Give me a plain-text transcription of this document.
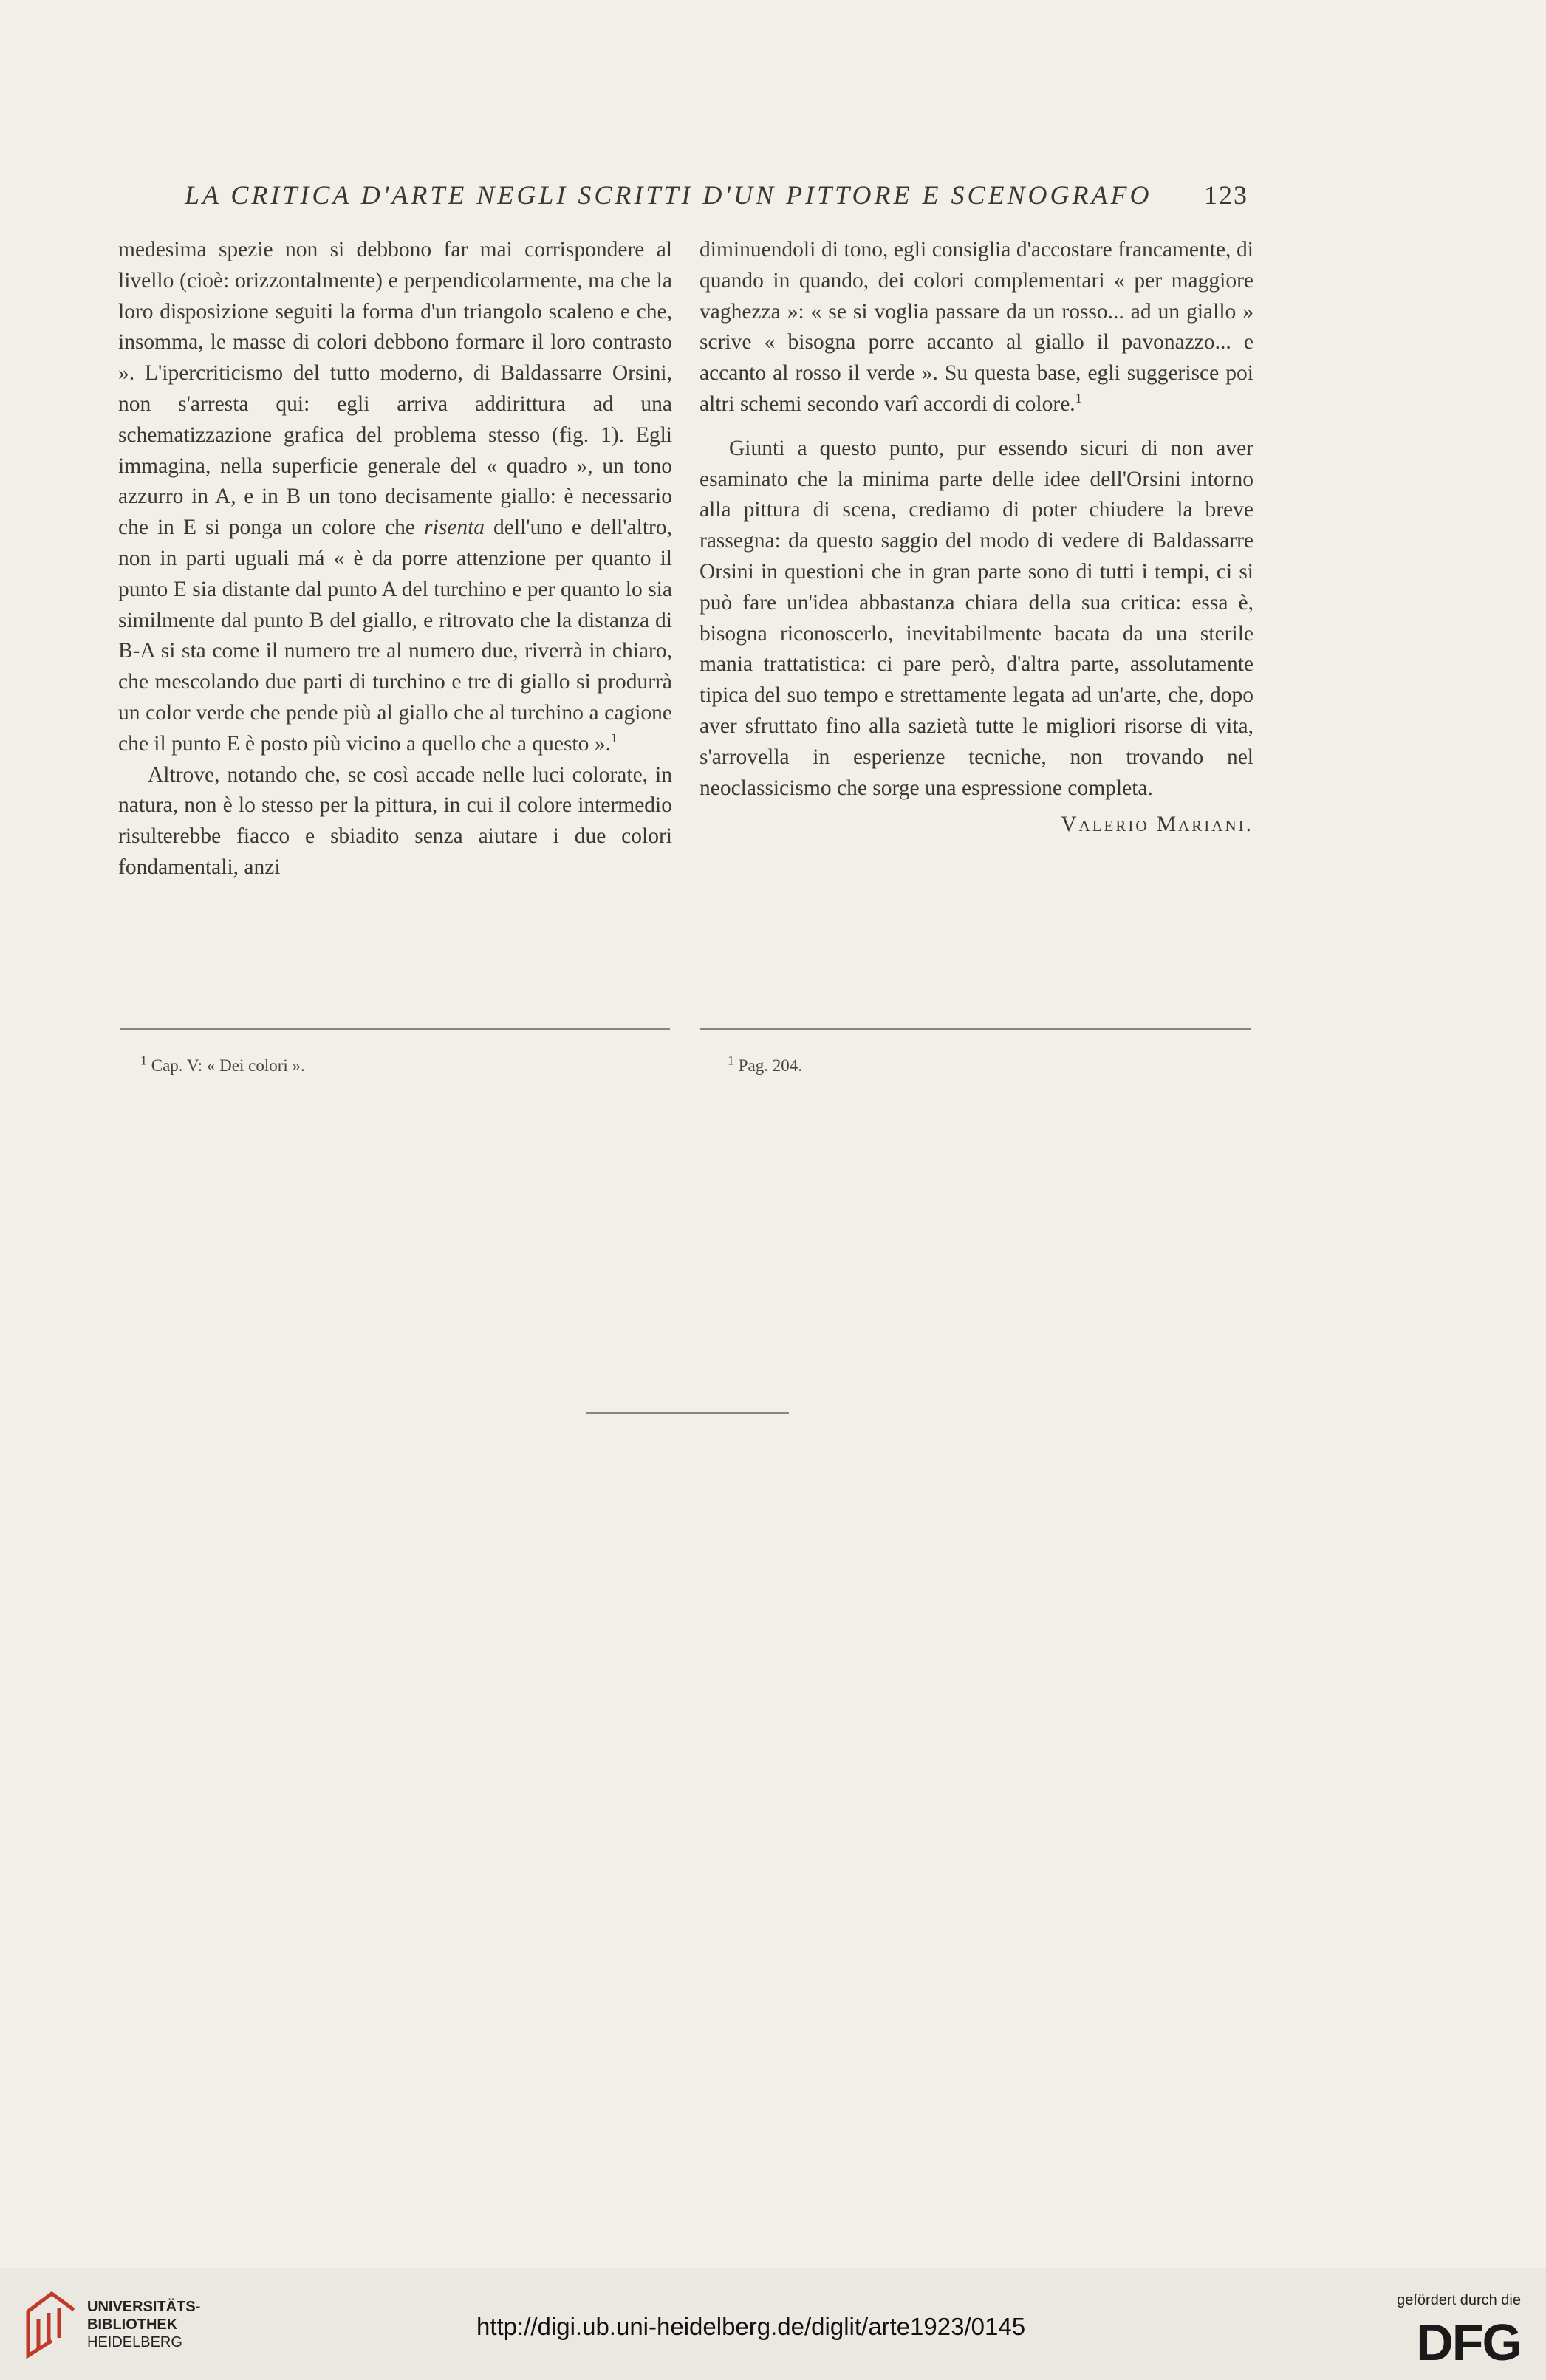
LA CRITICA D'ARTE NEGLI SCRITTI D'UN PITTORE E SCENOGRAFO 123

medesima spezie non si debbono far mai corrispondere al livello (cioè: orizzontalmente) e perpendicolarmente, ma che la loro disposizione seguiti la forma d'un triangolo scaleno e che, insomma, le masse di colori debbono formare il loro contrasto ». L'ipercriticismo del tutto moderno, di Baldassarre Orsini, non s'arresta qui: egli arriva addirittura ad una schematizzazione grafica del problema stesso (fig. 1). Egli immagina, nella superficie generale del « quadro », un tono azzurro in A, e in B un tono decisamente giallo: è necessario che in E si ponga un colore che risenta dell'uno e dell'altro, non in parti uguali má « è da porre attenzione per quanto il punto E sia distante dal punto A del turchino e per quanto lo sia similmente dal punto B del giallo, e ritrovato che la distanza di B-A si sta come il numero tre al numero due, riverrà in chiaro, che mescolando due parti di turchino e tre di giallo si produrrà un color verde che pende più al giallo che al turchino a cagione che il punto E è posto più vicino a quello che a questo ».$^1$

Altrove, notando che, se così accade nelle luci colorate, in natura, non è lo stesso per la pittura, in cui il colore intermedio risulterebbe fiacco e sbiadito senza aiutare i due colori fondamentali, anzi

diminuendoli di tono, egli consiglia d'accostare francamente, di quando in quando, dei colori complementari « per maggiore vaghezza »: « se si voglia passare da un rosso... ad un giallo » scrive « bisogna porre accanto al giallo il pavonazzo... e accanto al rosso il verde ». Su questa base, egli suggerisce poi altri schemi secondo varî accordi di colore.$^1$

Giunti a questo punto, pur essendo sicuri di non aver esaminato che la minima parte delle idee dell'Orsini intorno alla pittura di scena, crediamo di poter chiudere la breve rassegna: da questo saggio del modo di vedere di Baldassarre Orsini in questioni che in gran parte sono di tutti i tempi, ci si può fare un'idea abbastanza chiara della sua critica: essa è, bisogna riconoscerlo, inevitabilmente bacata da una sterile mania trattatistica: ci pare però, d'altra parte, assolutamente tipica del suo tempo e strettamente legata ad un'arte, che, dopo aver sfruttato fino alla sazietà tutte le migliori risorse di vita, s'arrovella in esperienze tecniche, non trovando nel neoclassicismo che sorge una espressione completa.

Valerio Mariani.

$^1$ Cap. V: « Dei colori ».	$^1$ Pag. 204.
UNIVERSITÄTS-
BIBLIOTHEK
HEIDELBERG
http://digi.ub.uni-heidelberg.de/diglit/arte1923/0145
gefördert durch die
DFG
